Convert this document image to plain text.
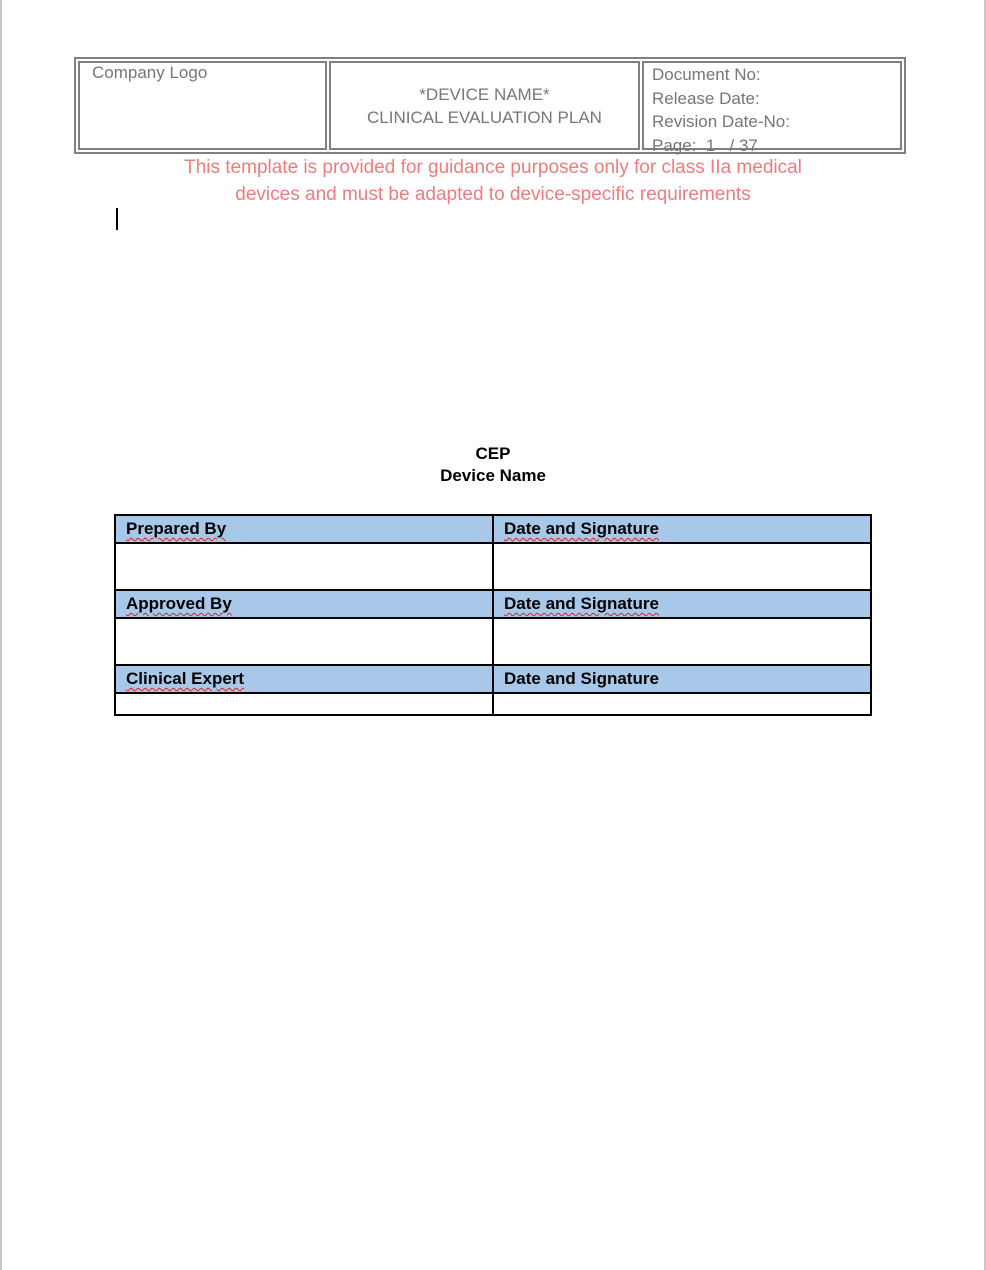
Company Logo
*DEVICE NAME*
CLINICAL EVALUATION PLAN
Document No:
Release Date:
Revision Date-No:
Page:  1   / 37
This template is provided for guidance purposes only for class IIa medical
devices and must be adapted to device-specific requirements
CEP
Device Name
Prepared By	Date and Signature

Approved By	Date and Signature

Clinical Expert	Date and Signature
